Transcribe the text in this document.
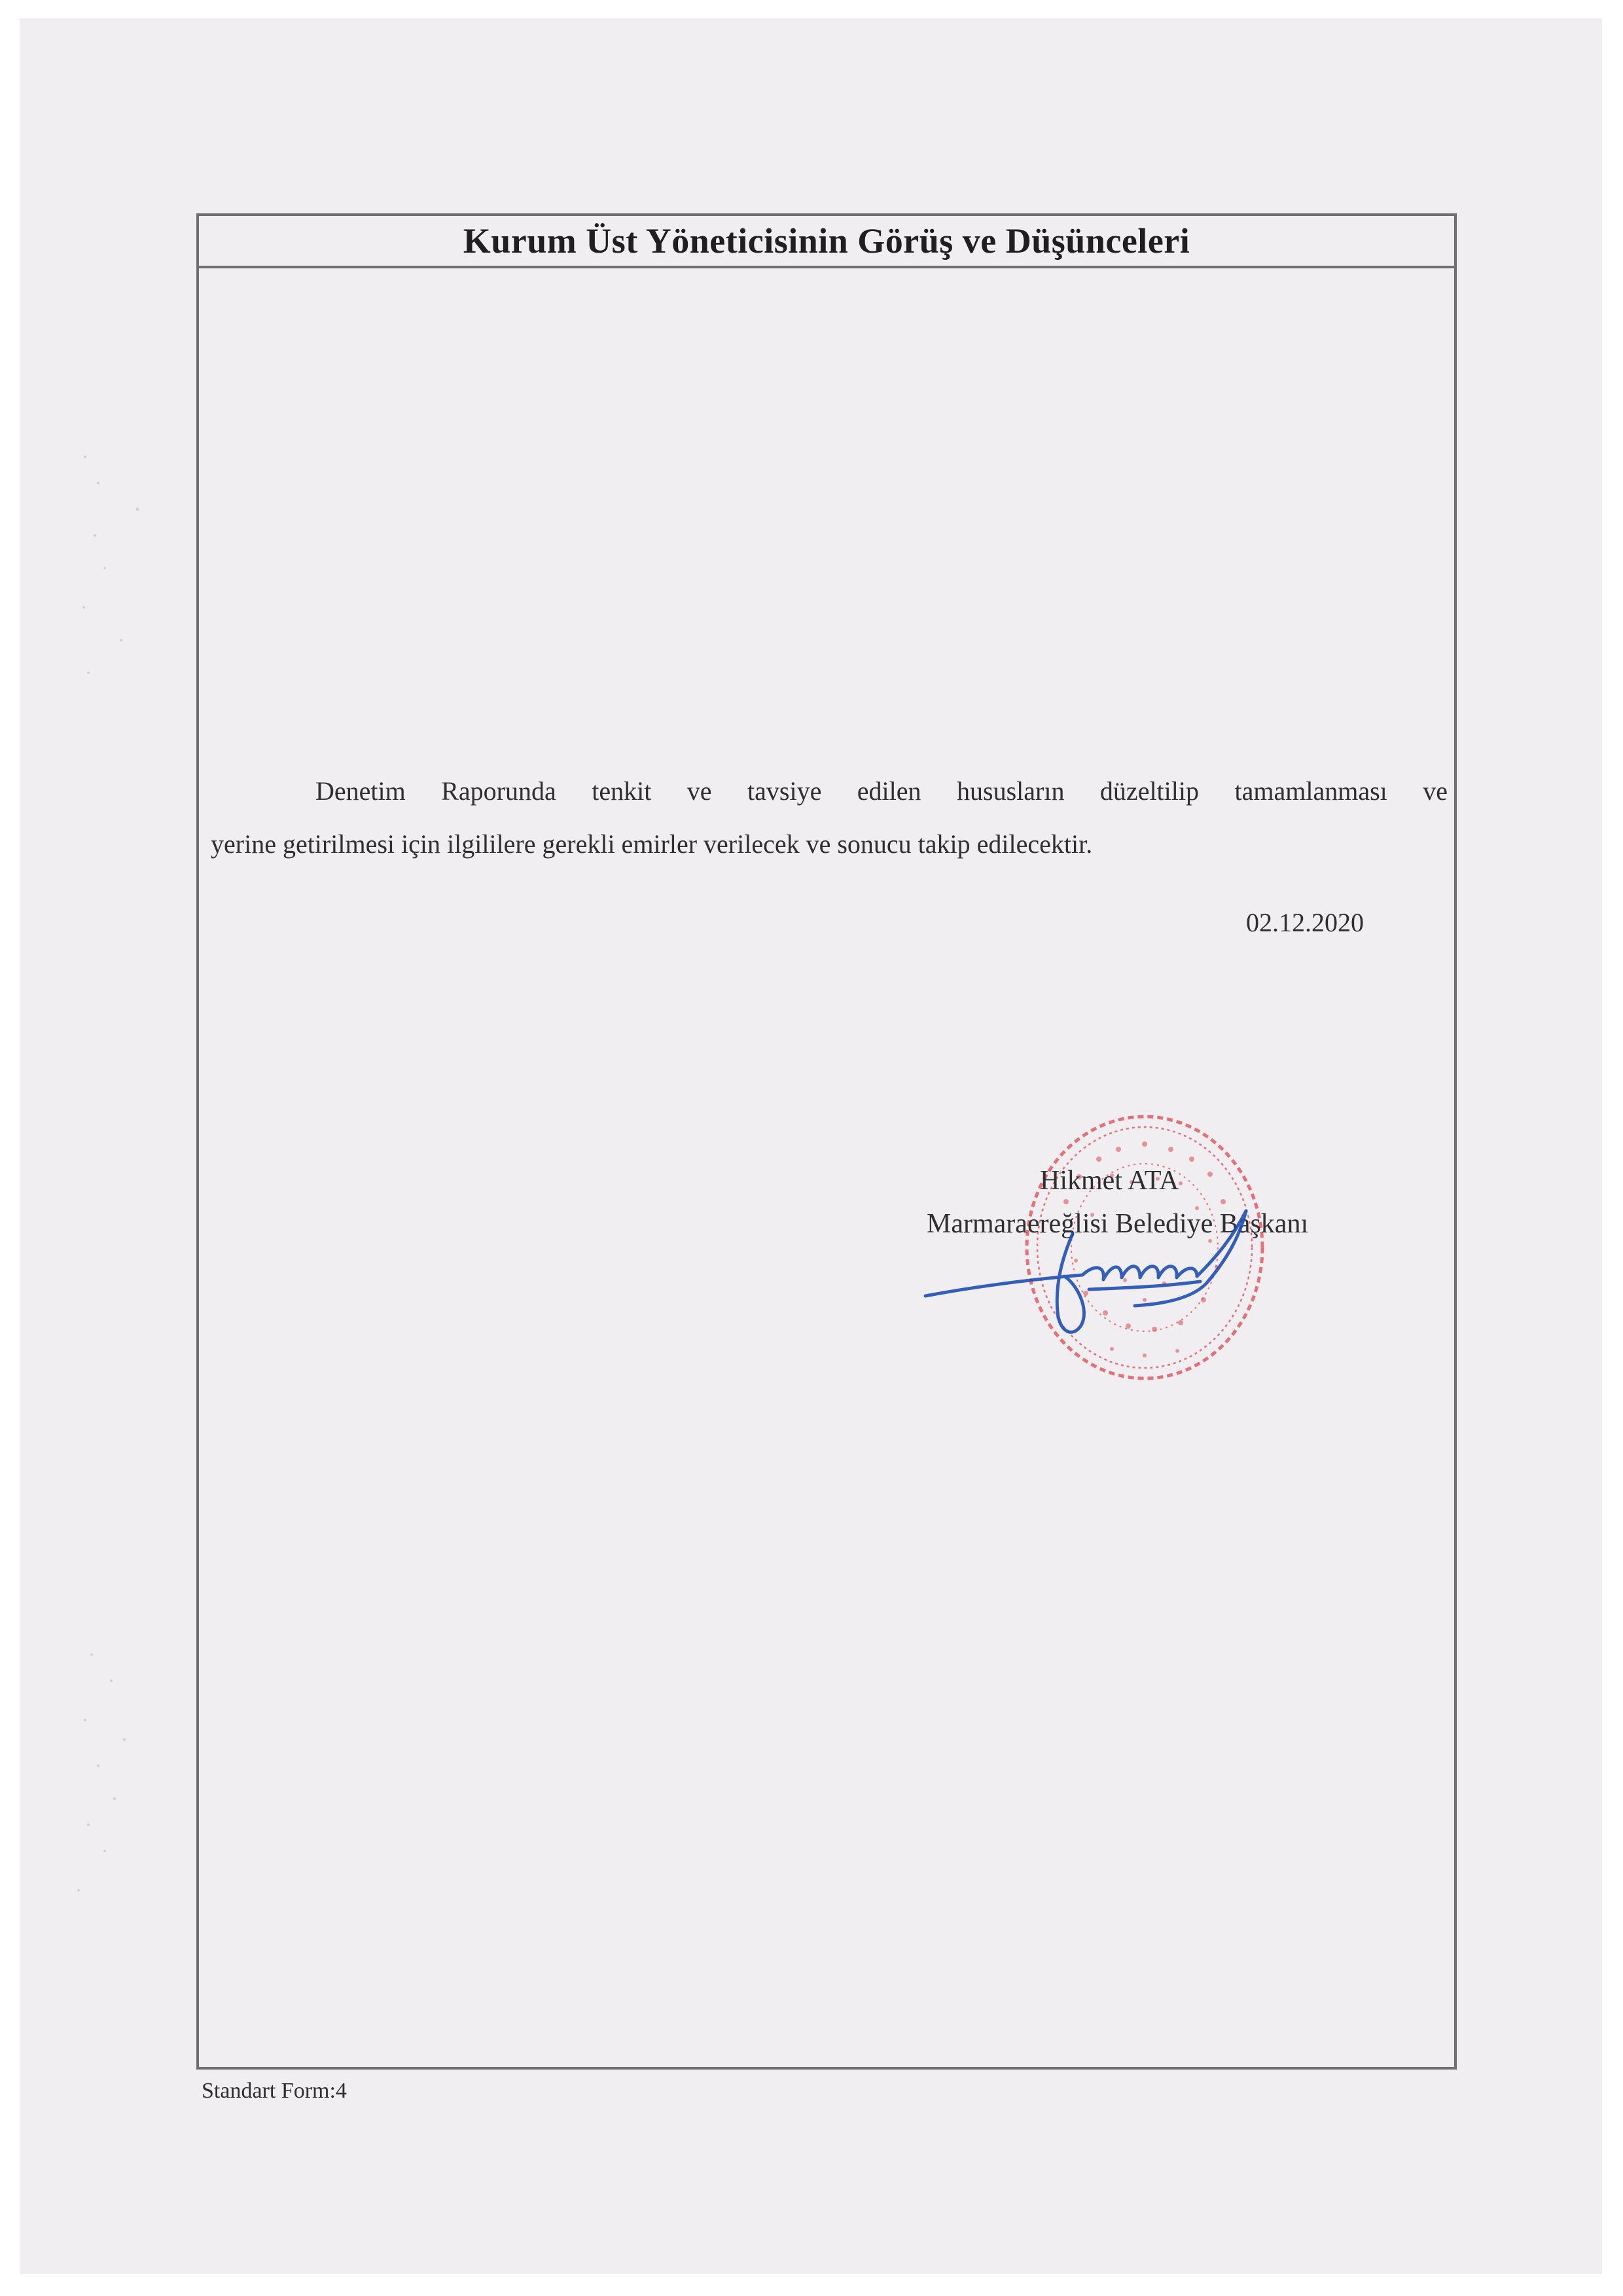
Kurum Üst Yöneticisinin Görüş ve Düşünceleri
Denetim Raporunda tenkit ve tavsiye edilen hususların düzeltilip tamamlanması ve
yerine getirilmesi için ilgililere gerekli emirler verilecek ve sonucu takip edilecektir.
02.12.2020
Hikmet ATA
Marmaraereğlisi Belediye Başkanı
Standart Form:4
